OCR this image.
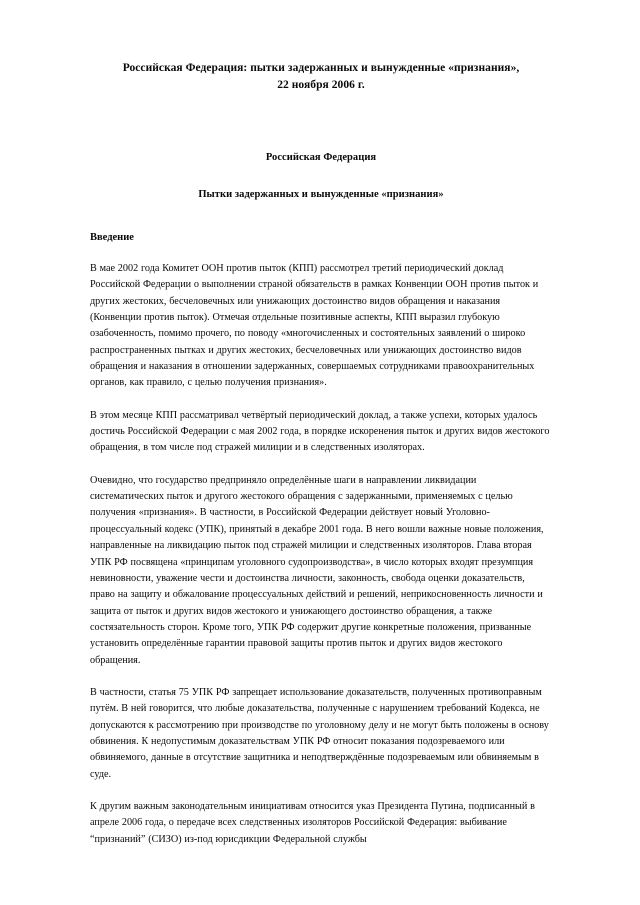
Российская Федерация: пытки задержанных и вынужденные «признания»,
22 ноября 2006 г.

Российская Федерация

Пытки задержанных и вынужденные «признания»

Введение

В мае 2002 года Комитет ООН против пыток (КПП) рассмотрел третий периодический доклад Российской Федерации о выполнении страной обязательств в рамках Конвенции ООН против пыток и других жестоких, бесчеловечных или унижающих достоинство видов обращения и наказания (Конвенции против пыток). Отмечая отдельные позитивные аспекты, КПП выразил глубокую озабоченность, помимо прочего, по поводу «многочисленных и состоятельных заявлений о широко распространенных пытках и других жестоких, бесчеловечных или унижающих достоинство видов обращения и наказания в отношении задержанных, совершаемых сотрудниками правоохранительных органов, как правило, с целью получения признания».

В этом месяце КПП рассматривал четвёртый периодический доклад, а также успехи, которых удалось достичь Российской Федерации с мая 2002 года, в порядке искоренения пыток и других видов жестокого обращения, в том числе под стражей милиции и в следственных изоляторах.

Очевидно, что государство предприняло определённые шаги в направлении ликвидации систематических пыток и другого жестокого обращения с задержанными, применяемых с целью получения «признания». В частности, в Российской Федерации действует новый Уголовно-процессуальный кодекс (УПК), принятый в декабре 2001 года. В него вошли важные новые положения, направленные на ликвидацию пыток под стражей милиции и следственных изоляторов. Глава вторая УПК РФ посвящена «принципам уголовного судопроизводства», в число которых входят презумпция невиновности, уважение чести и достоинства личности, законность, свобода оценки доказательств, право на защиту и обжалование процессуальных действий и решений, неприкосновенность личности и защита от пыток и других видов жестокого и унижающего достоинство обращения, а также состязательность сторон. Кроме того, УПК РФ содержит другие конкретные положения, призванные установить определённые гарантии правовой защиты против пыток и других видов жестокого обращения.

В частности, статья 75 УПК РФ запрещает использование доказательств, полученных противоправным путём. В ней говорится, что любые доказательства, полученные с нарушением требований Кодекса, не допускаются к рассмотрению при производстве по уголовному делу и не могут быть положены в основу обвинения. К недопустимым доказательствам УПК РФ относит показания подозреваемого или обвиняемого, данные в отсутствие защитника и неподтверждённые подозреваемым или обвиняемым в суде.

К другим важным законодательным инициативам относится указ Президента Путина, подписанный в апреле 2006 года, о передаче всех следственных изоляторов Российской Федерация: выбивание “признаний” (СИЗО) из-под юрисдикции Федеральной службы
